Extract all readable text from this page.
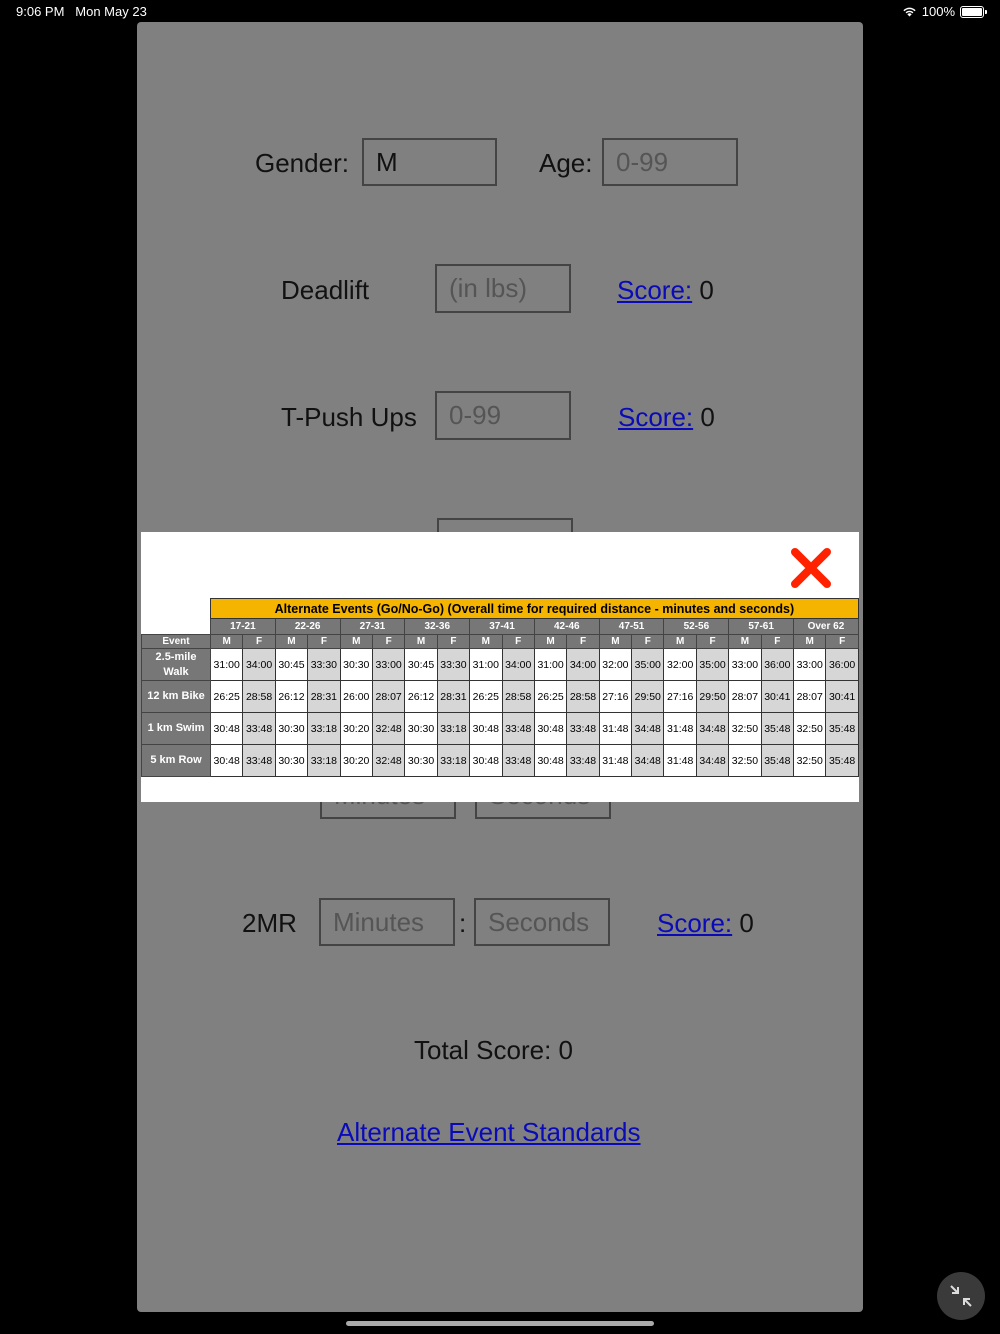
9:06 PM Mon May 23	100%
Gender:
M	Age:
0-99
Deadlift
(in lbs)	Score: 0
T-Push Ups
0-99	Score: 0
Minutes
Seconds
2MR
Minutes	:
Seconds	Score: 0
Total Score: 0
Alternate Event Standards
	Alternate Events (Go/No-Go) (Overall time for required distance - minutes and seconds)																			
	17-21		22-26		27-31		32-36		37-41		42-46		47-51		52-56		57-61		Over 62	
Event	M	F	M	F	M	F	M	F	M	F	M	F	M	F	M	F	M	F	M	F
2.5-mile Walk	31:00	34:00	30:45	33:30	30:30	33:00	30:45	33:30	31:00	34:00	31:00	34:00	32:00	35:00	32:00	35:00	33:00	36:00	33:00	36:00
12 km Bike	26:25	28:58	26:12	28:31	26:00	28:07	26:12	28:31	26:25	28:58	26:25	28:58	27:16	29:50	27:16	29:50	28:07	30:41	28:07	30:41
1 km Swim	30:48	33:48	30:30	33:18	30:20	32:48	30:30	33:18	30:48	33:48	30:48	33:48	31:48	34:48	31:48	34:48	32:50	35:48	32:50	35:48
5 km Row	30:48	33:48	30:30	33:18	30:20	32:48	30:30	33:18	30:48	33:48	30:48	33:48	31:48	34:48	31:48	34:48	32:50	35:48	32:50	35:48
